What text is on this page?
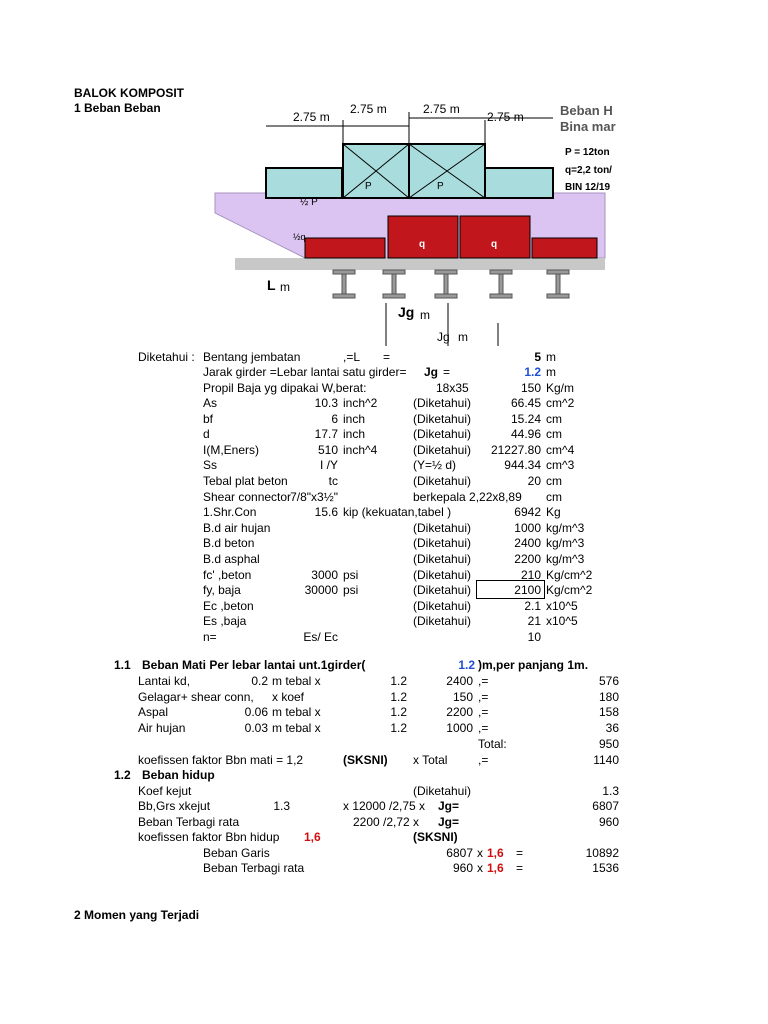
BALOK KOMPOSIT
1 Beban Beban
2.75 m
2.75 m	2.75 m
2.75 m	Beban H
Bina mar
P = 12ton
q=2,2 ton/
BIN 12/19
½ P
P	P
q	q
½q
L m
Jg m
Jg m
Diketahui : Bentang jembatan	,=L =	5 m
Jarak girder =Lebar lantai satu girder= Jg =	1.2 m
Propil Baja yg dipakai W,berat:	18x35	150 Kg/m
As	10.3 inch^2	(Diketahui)	66.45 cm^2
bf	6 inch	(Diketahui)	15.24 cm
d	17.7 inch	(Diketahui)	44.96 cm
I(M,Eners)	510 inch^4	(Diketahui)	21227.80 cm^4
Ss	I /Y	(Y=½ d)	944.34 cm^3
Tebal plat beton	tc	(Diketahui)	20 cm
Shear connector 7/8"x3½"	berkepala 2,22x8,89 cm
1.Shr.Con	15.6 kip (kekuatan,tabel )	6942 Kg
B.d air hujan	(Diketahui)	1000 kg/m^3
B.d beton	(Diketahui)	2400 kg/m^3
B.d asphal	(Diketahui)	2200 kg/m^3
fc' ,beton	3000 psi	(Diketahui)	210 Kg/cm^2
fy, baja	30000 psi	(Diketahui)	2100 Kg/cm^2
Ec ,beton	(Diketahui)	2.1 x10^5
Es ,baja	(Diketahui)	21 x10^5
n=	Es/ Ec	10
1.1 Beban Mati Per lebar lantai unt.1girder(	1.2 )m,per panjang 1m.
Lantai kd,	0.2 m tebal x	1.2	2400 ,=	576
Gelagar+ shear conn, x koef	1.2	150 ,=	180
Aspal	0.06 m tebal x	1.2	2200 ,=	158
Air hujan	0.03 m tebal x	1.2	1000 ,=	36
Total:	950
koefissen faktor Bbn mati = 1,2	(SKSNI) x Total	,=	1140
1.2 Beban hidup
Koef kejut	(Diketahui)	1.3
Bb,Grs xkejut	1.3	x 12000 /2,75 x Jg=	6807
Beban Terbagi rata	2200 /2,72 x Jg=	960
koefissen faktor Bbn hidup 1,6	(SKSNI)
Beban Garis	6807 x 1,6 =	10892
Beban Terbagi rata	960 x 1,6 =	1536
2 Momen yang Terjadi
